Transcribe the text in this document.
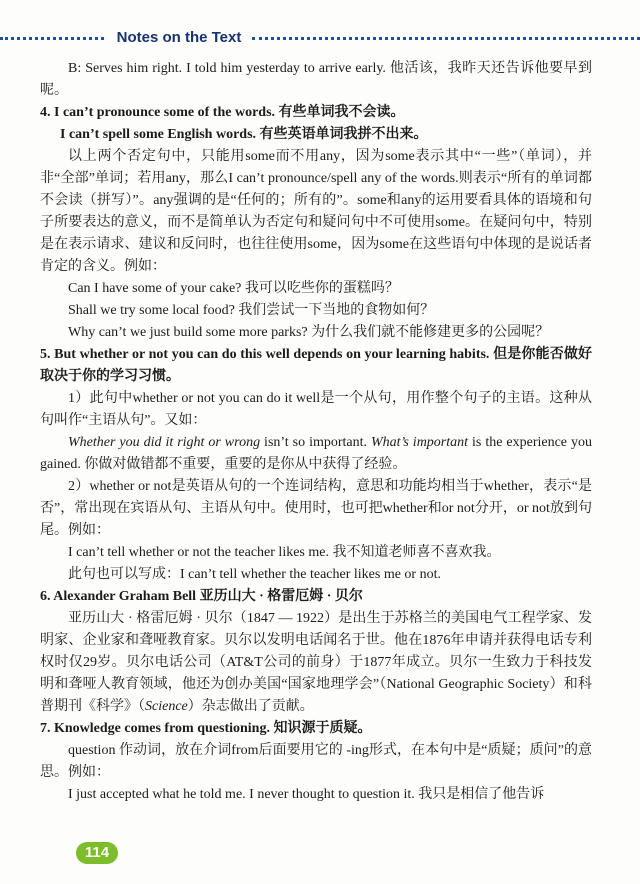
Notes on the Text

B: Serves him right. I told him yesterday to arrive early. 他活该，我昨天还告诉他要早到呢。

4. I can’t pronounce some of the words. 有些单词我不会读。

I can’t spell some English words. 有些英语单词我拼不出来。

以上两个否定句中，只能用some而不用any，因为some表示其中“一些”（单词），并非“全部”单词；若用any，那么I can’t pronounce/spell any of the words.则表示“所有的单词都不会读（拼写）”。any强调的是“任何的；所有的”。some和any的运用要看具体的语境和句子所要表达的意义，而不是简单认为否定句和疑问句中不可使用some。在疑问句中，特别是在表示请求、建议和反问时，也往往使用some，因为some在这些语句中体现的是说话者肯定的含义。例如：

Can I have some of your cake? 我可以吃些你的蛋糕吗？

Shall we try some local food? 我们尝试一下当地的食物如何？

Why can’t we just build some more parks? 为什么我们就不能修建更多的公园呢？

5. But whether or not you can do this well depends on your learning habits. 但是你能否做好取决于你的学习习惯。

1）此句中whether or not you can do it well是一个从句，用作整个句子的主语。这种从句叫作“主语从句”。又如：

Whether you did it right or wrong isn’t so important. What’s important is the experience you gained. 你做对做错都不重要，重要的是你从中获得了经验。

2）whether or not是英语从句的一个连词结构，意思和功能均相当于whether，表示“是否”，常出现在宾语从句、主语从句中。使用时，也可把whether和or not分开，or not放到句尾。例如：

I can’t tell whether or not the teacher likes me. 我不知道老师喜不喜欢我。

此句也可以写成：I can’t tell whether the teacher likes me or not.

6. Alexander Graham Bell 亚历山大 · 格雷厄姆 · 贝尔

亚历山大 · 格雷厄姆 · 贝尔（1847 — 1922）是出生于苏格兰的美国电气工程学家、发明家、企业家和聋哑教育家。贝尔以发明电话闻名于世。他在1876年申请并获得电话专利权时仅29岁。贝尔电话公司（AT&T公司的前身）于1877年成立。贝尔一生致力于科技发明和聋哑人教育领域，他还为创办美国“国家地理学会”（National Geographic Society）和科普期刊《科学》（Science）杂志做出了贡献。

7. Knowledge comes from questioning. 知识源于质疑。

question 作动词，放在介词from后面要用它的 -ing形式，在本句中是“质疑；质问”的意思。例如：

I just accepted what he told me. I never thought to question it. 我只是相信了他告诉

114
